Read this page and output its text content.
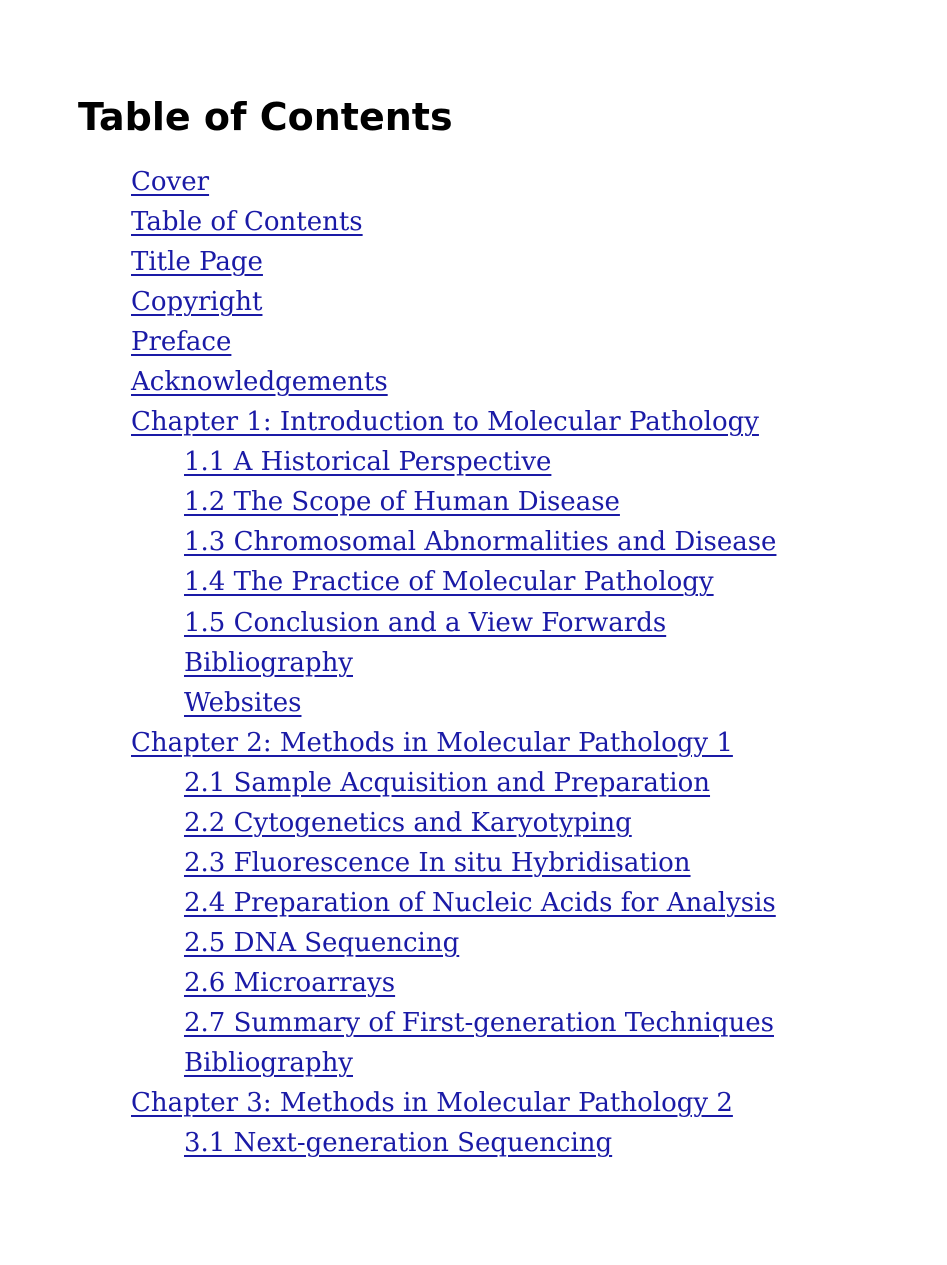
Table of Contents
Cover
Table of Contents
Title Page
Copyright
Preface
Acknowledgements
Chapter 1: Introduction to Molecular Pathology
1.1 A Historical Perspective
1.2 The Scope of Human Disease
1.3 Chromosomal Abnormalities and Disease
1.4 The Practice of Molecular Pathology
1.5 Conclusion and a View Forwards
Bibliography
Websites
Chapter 2: Methods in Molecular Pathology 1
2.1 Sample Acquisition and Preparation
2.2 Cytogenetics and Karyotyping
2.3 Fluorescence In situ Hybridisation
2.4 Preparation of Nucleic Acids for Analysis
2.5 DNA Sequencing
2.6 Microarrays
2.7 Summary of First-generation Techniques
Bibliography
Chapter 3: Methods in Molecular Pathology 2
3.1 Next-generation Sequencing
